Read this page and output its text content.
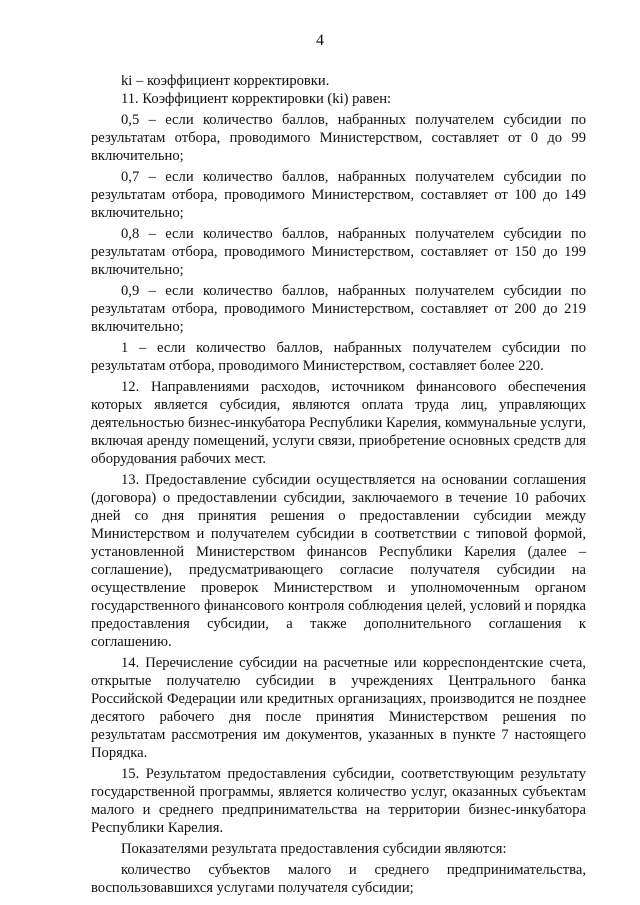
4

ki – коэффициент корректировки.

11. Коэффициент корректировки (ki) равен:

0,5 – если количество баллов, набранных получателем субсидии по результатам отбора, проводимого Министерством, составляет от 0 до 99 включительно;

0,7 – если количество баллов, набранных получателем субсидии по результатам отбора, проводимого Министерством, составляет от 100 до 149 включительно;

0,8 – если количество баллов, набранных получателем субсидии по результатам отбора, проводимого Министерством, составляет от 150 до 199 включительно;

0,9 – если количество баллов, набранных получателем субсидии по результатам отбора, проводимого Министерством, составляет от 200 до 219 включительно;

1 – если количество баллов, набранных получателем субсидии по результатам отбора, проводимого Министерством, составляет более 220.

12. Направлениями расходов, источником финансового обеспечения которых является субсидия, являются оплата труда лиц, управляющих деятельностью бизнес-инкубатора Республики Карелия, коммунальные услуги, включая аренду помещений, услуги связи, приобретение основных средств для оборудования рабочих мест.

13. Предоставление субсидии осуществляется на основании соглашения (договора) о предоставлении субсидии, заключаемого в течение 10 рабочих дней со дня принятия решения о предоставлении субсидии между Министерством и получателем субсидии в соответствии с типовой формой, установленной Министерством финансов Республики Карелия (далее – соглашение), предусматривающего согласие получателя субсидии на осуществление проверок Министерством и уполномоченным органом государственного финансового контроля соблюдения целей, условий и порядка предоставления субсидии, а также дополнительного соглашения к соглашению.

14. Перечисление субсидии на расчетные или корреспондентские счета, открытые получателю субсидии в учреждениях Центрального банка Российской Федерации или кредитных организациях, производится не позднее десятого рабочего дня после принятия Министерством решения по результатам рассмотрения им документов, указанных в пункте 7 настоящего Порядка.

15. Результатом предоставления субсидии, соответствующим результату государственной программы, является количество услуг, оказанных субъектам малого и среднего предпринимательства на территории бизнес-инкубатора Республики Карелия.

Показателями результата предоставления субсидии являются:

количество субъектов малого и среднего предпринимательства, воспользовавшихся услугами получателя субсидии;
